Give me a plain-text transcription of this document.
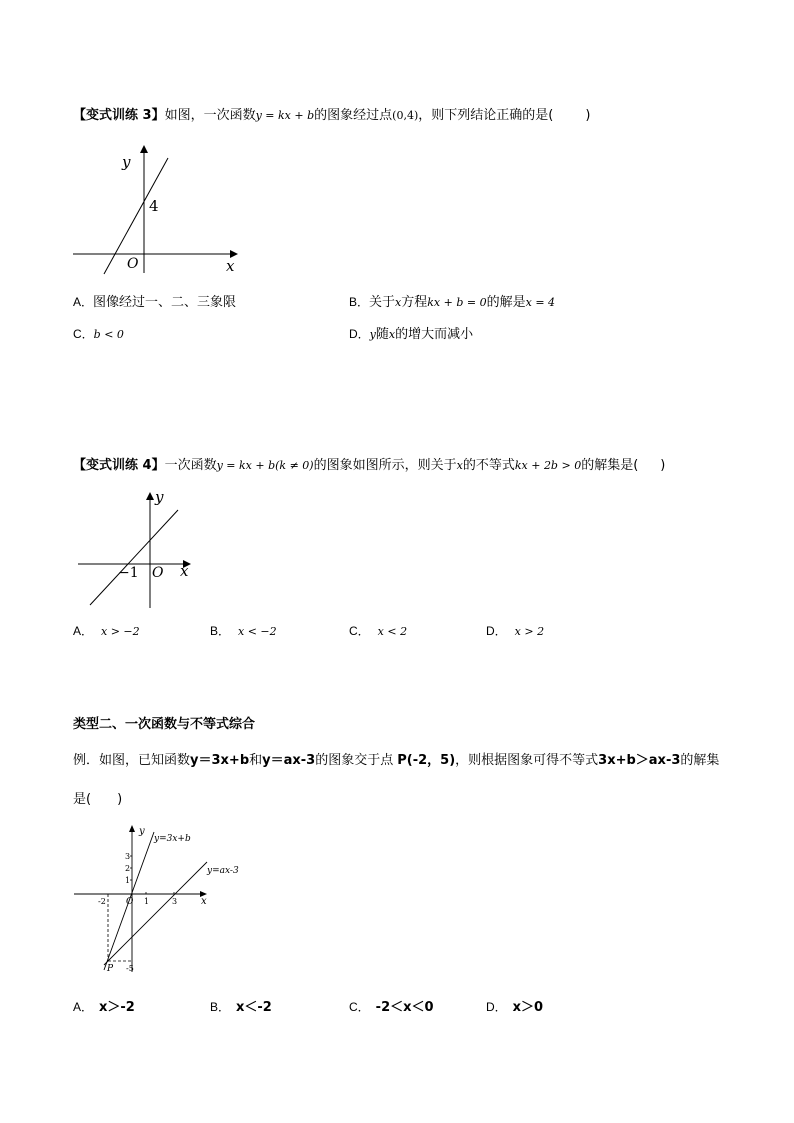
【变式训练 3】如图，一次函数y = kx + b的图象经过点(0,4)，则下列结论正确的是( )
y
4
O	x
A．图像经过一、二、三象限	B．关于x方程kx + b = 0的解是x = 4
C．b < 0	D．y随x的增大而减小
【变式训练 4】一次函数y = kx + b(k ≠ 0)的图象如图所示，则关于x的不等式kx + 2b > 0的解集是( )
y
−1 O x
A． x > −2	B． x < −2	C． x < 2	D． x > 2
类型二、一次函数与不等式综合
例．如图，已知函数y＝3x+b和y＝ax-3的图象交于点 P(-2，5)，则根据图象可得不等式3x+b＞ax-3的解集
是(　　)
y
y=3x+b
y=ax-3
3
2
1
-2 O 1	3 x
P -5
A． x＞-2	B． x＜-2	C． -2＜x＜0	D． x＞0
